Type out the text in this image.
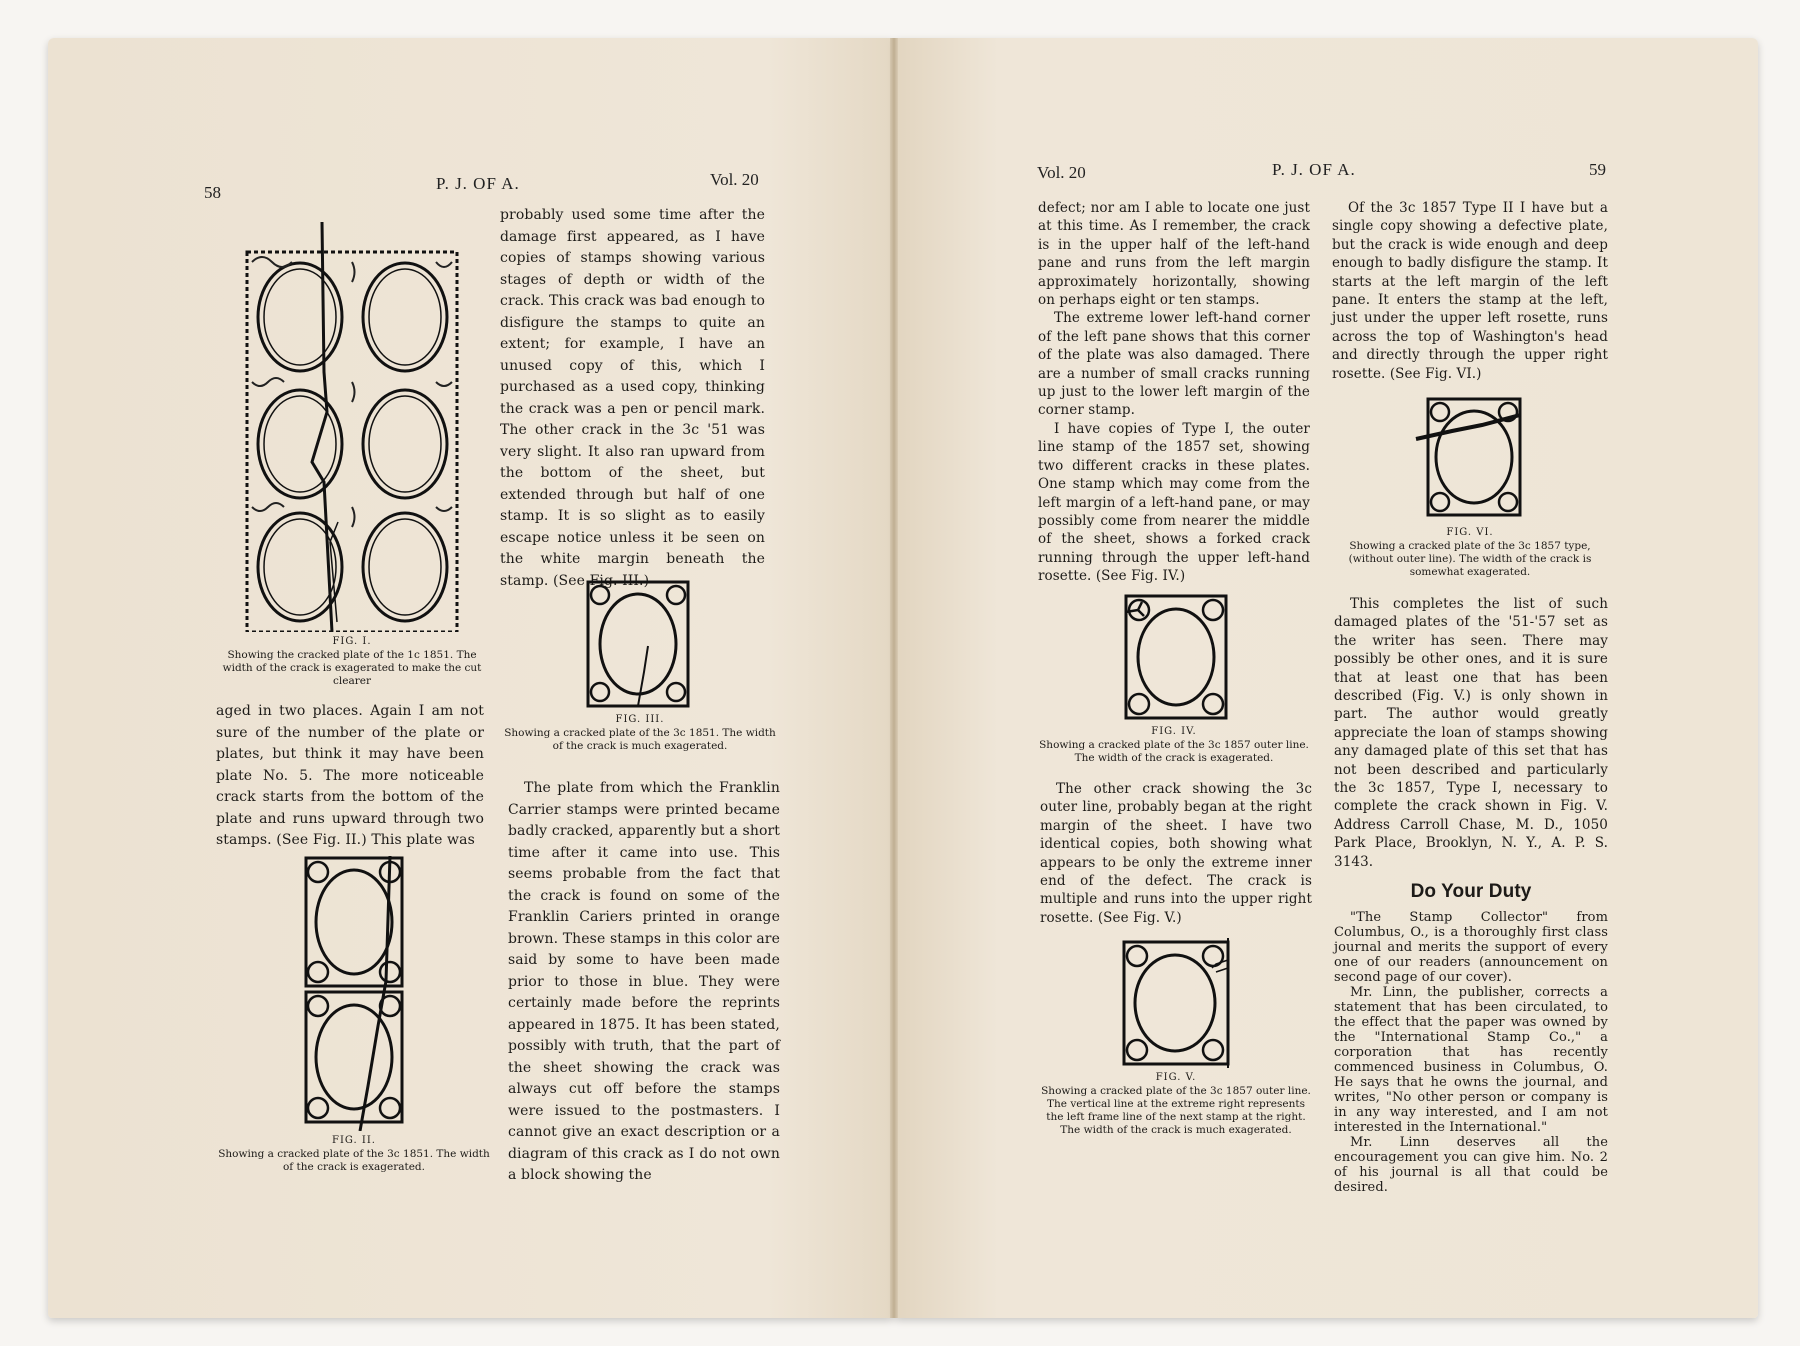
58	P. J. OF A.	Vol. 20
FIG. I.
Showing the cracked plate of the 1c 1851. The width of the crack is exagerated to make the cut clearer

aged in two places. Again I am not sure of the number of the plate or plates, but think it may have been plate No. 5. The more noticeable crack starts from the bottom of the plate and runs upward through two stamps. (See Fig. II.) This plate was

FIG. II.
Showing a cracked plate of the 3c 1851. The width of the crack is exagerated.

probably used some time after the damage first appeared, as I have copies of stamps showing various stages of depth or width of the crack. This crack was bad enough to disfigure the stamps to quite an extent; for example, I have an unused copy of this, which I purchased as a used copy, thinking the crack was a pen or pencil mark. The other crack in the 3c '51 was very slight. It also ran upward from the bottom of the sheet, but extended through but half of one stamp. It is so slight as to easily escape notice unless it be seen on the white margin beneath the stamp. (See Fig. III.)

FIG. III.
Showing a cracked plate of the 3c 1851. The width of the crack is much exagerated.

The plate from which the Franklin Carrier stamps were printed became badly cracked, apparently but a short time after it came into use. This seems probable from the fact that the crack is found on some of the Franklin Cariers printed in orange brown. These stamps in this color are said by some to have been made prior to those in blue. They were certainly made before the reprints appeared in 1875. It has been stated, possibly with truth, that the part of the sheet showing the crack was always cut off before the stamps were issued to the postmasters. I cannot give an exact description or a diagram of this crack as I do not own a block showing the

Vol. 20	P. J. OF A.	59

defect; nor am I able to locate one just at this time. As I remember, the crack is in the upper half of the left-hand pane and runs from the left margin approximately horizontally, showing on perhaps eight or ten stamps.

The extreme lower left-hand corner of the left pane shows that this corner of the plate was also damaged. There are a number of small cracks running up just to the lower left margin of the corner stamp.

I have copies of Type I, the outer line stamp of the 1857 set, showing two different cracks in these plates. One stamp which may come from the left margin of a left-hand pane, or may possibly come from nearer the middle of the sheet, shows a forked crack running through the upper left-hand rosette. (See Fig. IV.)

FIG. IV.
Showing a cracked plate of the 3c 1857 outer line. The width of the crack is exagerated.

The other crack showing the 3c outer line, probably began at the right margin of the sheet. I have two identical copies, both showing what appears to be only the extreme inner end of the defect. The crack is multiple and runs into the upper right rosette. (See Fig. V.)

FIG. V.
Showing a cracked plate of the 3c 1857 outer line. The vertical line at the extreme right represents the left frame line of the next stamp at the right. The width of the crack is much exagerated.

Of the 3c 1857 Type II I have but a single copy showing a defective plate, but the crack is wide enough and deep enough to badly disfigure the stamp. It starts at the left margin of the left pane. It enters the stamp at the left, just under the upper left rosette, runs across the top of Washington's head and directly through the upper right rosette. (See Fig. VI.)

FIG. VI.
Showing a cracked plate of the 3c 1857 type, (without outer line). The width of the crack is somewhat exagerated.

This completes the list of such damaged plates of the '51-'57 set as the writer has seen. There may possibly be other ones, and it is sure that at least one that has been described (Fig. V.) is only shown in part. The author would greatly appreciate the loan of stamps showing any damaged plate of this set that has not been described and particularly the 3c 1857, Type I, necessary to complete the crack shown in Fig. V. Address Carroll Chase, M. D., 1050 Park Place, Brooklyn, N. Y., A. P. S. 3143.

Do Your Duty

"The Stamp Collector" from Columbus, O., is a thoroughly first class journal and merits the support of every one of our readers (announcement on second page of our cover).

Mr. Linn, the publisher, corrects a statement that has been circulated, to the effect that the paper was owned by the "International Stamp Co.," a corporation that has recently commenced business in Columbus, O. He says that he owns the journal, and writes, "No other person or company is in any way interested, and I am not interested in the International."

Mr. Linn deserves all the encouragement you can give him. No. 2 of his journal is all that could be desired.
